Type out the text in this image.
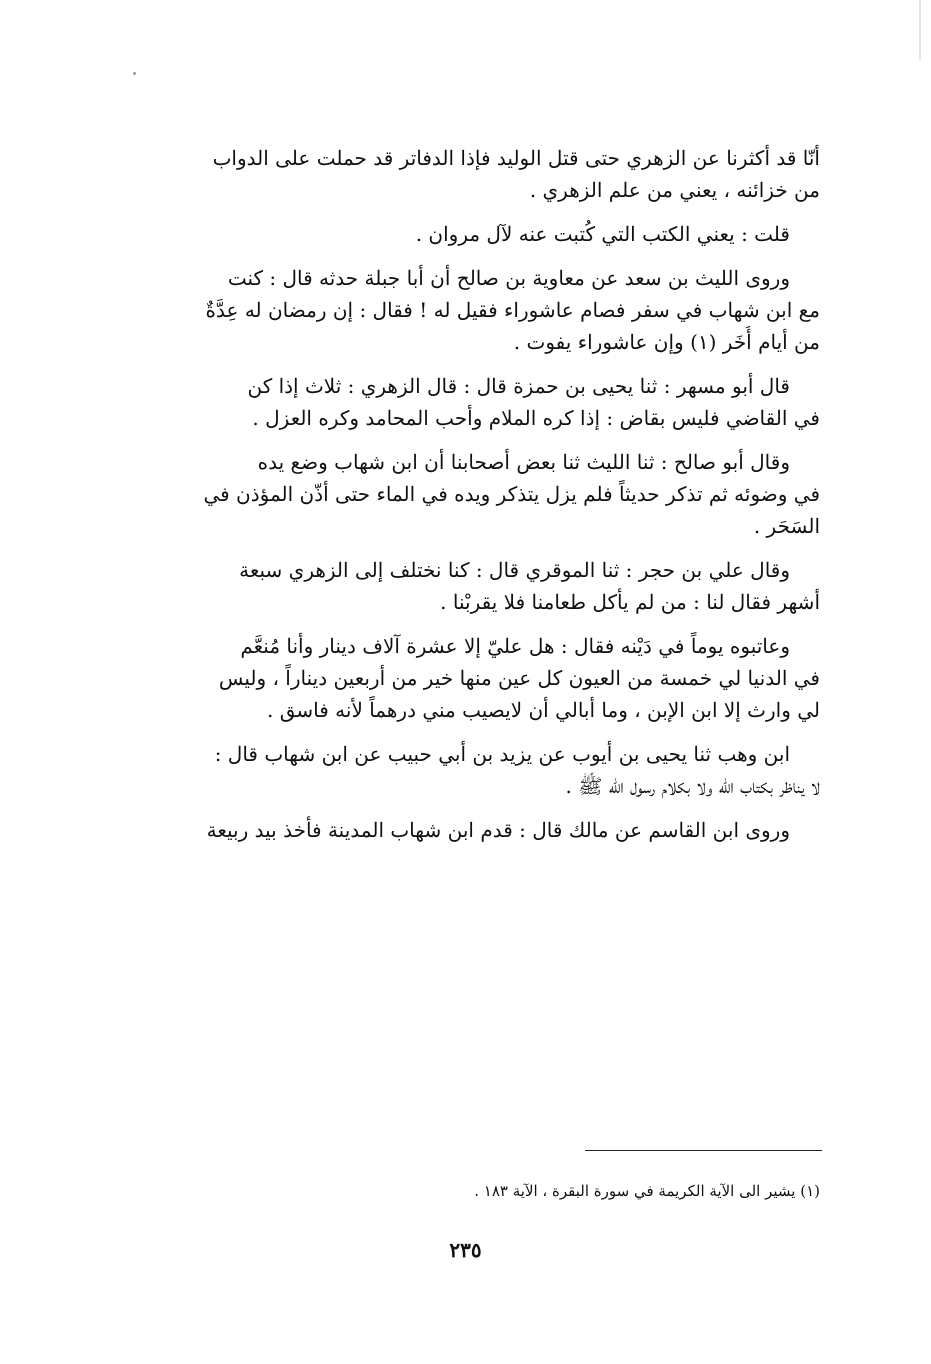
أنّا قد أكثرنا عن الزهري حتى قتل الوليد فإذا الدفاتر قد حملت على الدواب
من خزائنه ، يعني من علم الزهري .

قلت : يعني الكتب التي كُتبت عنه لآل مروان .

وروى الليث بن سعد عن معاوية بن صالح أن أبا جبلة حدثه قال : كنت
مع ابن شهاب في سفر فصام عاشوراء فقيل له ! فقال : إن رمضان له عِدَّةٌ
من أيام أُخَر (١) وإن عاشوراء يفوت .

قال أبو مسهر : ثنا يحيى بن حمزة قال : قال الزهري : ثلاث إذا كن
في القاضي فليس بقاض : إذا كره الملام وأحب المحامد وكره العزل .

وقال أبو صالح : ثنا الليث ثنا بعض أصحابنا أن ابن شهاب وضع يده
في وضوئه ثم تذكر حديثاً فلم يزل يتذكر ويده في الماء حتى أذّن المؤذن في
السَحَر .

وقال علي بن حجر : ثنا الموقري قال : كنا نختلف إلى الزهري سبعة
أشهر فقال لنا : من لم يأكل طعامنا فلا يقربْنا .

وعاتبوه يوماً في دَيْنه فقال : هل عليّ إلا عشرة آلاف دينار وأنا مُنعَّم
في الدنيا لي خمسة من العيون كل عين منها خير من أربعين ديناراً ، وليس
لي وارث إلا ابن الإبن ، وما أبالي أن لايصيب مني درهماً لأنه فاسق .

ابن وهب ثنا يحيى بن أيوب عن يزيد بن أبي حبيب عن ابن شهاب قال :
لا يناظر بكتاب الله ولا بكلام رسول الله ﷺ .

وروى ابن القاسم عن مالك قال : قدم ابن شهاب المدينة فأخذ بيد ربيعة

(١) يشير الى الآية الكريمة في سورة البقرة ، الآية ١٨٣ .
٢٣٥
